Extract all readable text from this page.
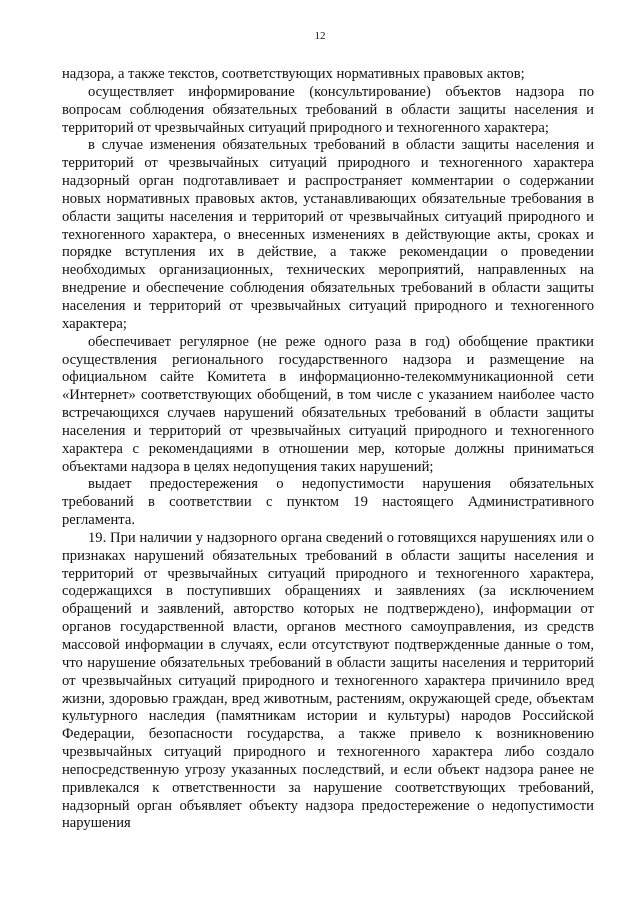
12

надзора, а также текстов, соответствующих нормативных правовых актов;

осуществляет информирование (консультирование) объектов надзора по вопросам соблюдения обязательных требований в области защиты населения и территорий от чрезвычайных ситуаций природного и техногенного характера;

в случае изменения обязательных требований в области защиты населения и территорий от чрезвычайных ситуаций природного и техногенного характера надзорный орган подготавливает и распространяет комментарии о содержании новых нормативных правовых актов, устанавливающих обязательные требования в области защиты населения и территорий от чрезвычайных ситуаций природного и техногенного характера, о внесенных изменениях в действующие акты, сроках и порядке вступления их в действие, а также рекомендации о проведении необходимых организационных, технических мероприятий, направленных на внедрение и обеспечение соблюдения обязательных требований в области защиты населения и территорий от чрезвычайных ситуаций природного и техногенного характера;

обеспечивает регулярное (не реже одного раза в год) обобщение практики осуществления регионального государственного надзора и размещение на официальном сайте Комитета в информационно-телекоммуникационной сети «Интернет» соответствующих обобщений, в том числе с указанием наиболее часто встречающихся случаев нарушений обязательных требований в области защиты населения и территорий от чрезвычайных ситуаций природного и техногенного характера с рекомендациями в отношении мер, которые должны приниматься объектами надзора в целях недопущения таких нарушений;

выдает предостережения о недопустимости нарушения обязательных требований в соответствии с пунктом 19 настоящего Административного регламента.

19. При наличии у надзорного органа сведений о готовящихся нарушениях или о признаках нарушений обязательных требований в области защиты населения и территорий от чрезвычайных ситуаций природного и техногенного характера, содержащихся в поступивших обращениях и заявлениях (за исключением обращений и заявлений, авторство которых не подтверждено), информации от органов государственной власти, органов местного самоуправления, из средств массовой информации в случаях, если отсутствуют подтвержденные данные о том, что нарушение обязательных требований в области защиты населения и территорий от чрезвычайных ситуаций природного и техногенного характера причинило вред жизни, здоровью граждан, вред животным, растениям, окружающей среде, объектам культурного наследия (памятникам истории и культуры) народов Российской Федерации, безопасности государства, а также привело к возникновению чрезвычайных ситуаций природного и техногенного характера либо создало непосредственную угрозу указанных последствий, и если объект надзора ранее не привлекался к ответственности за нарушение соответствующих требований, надзорный орган объявляет объекту надзора предостережение о недопустимости нарушения
